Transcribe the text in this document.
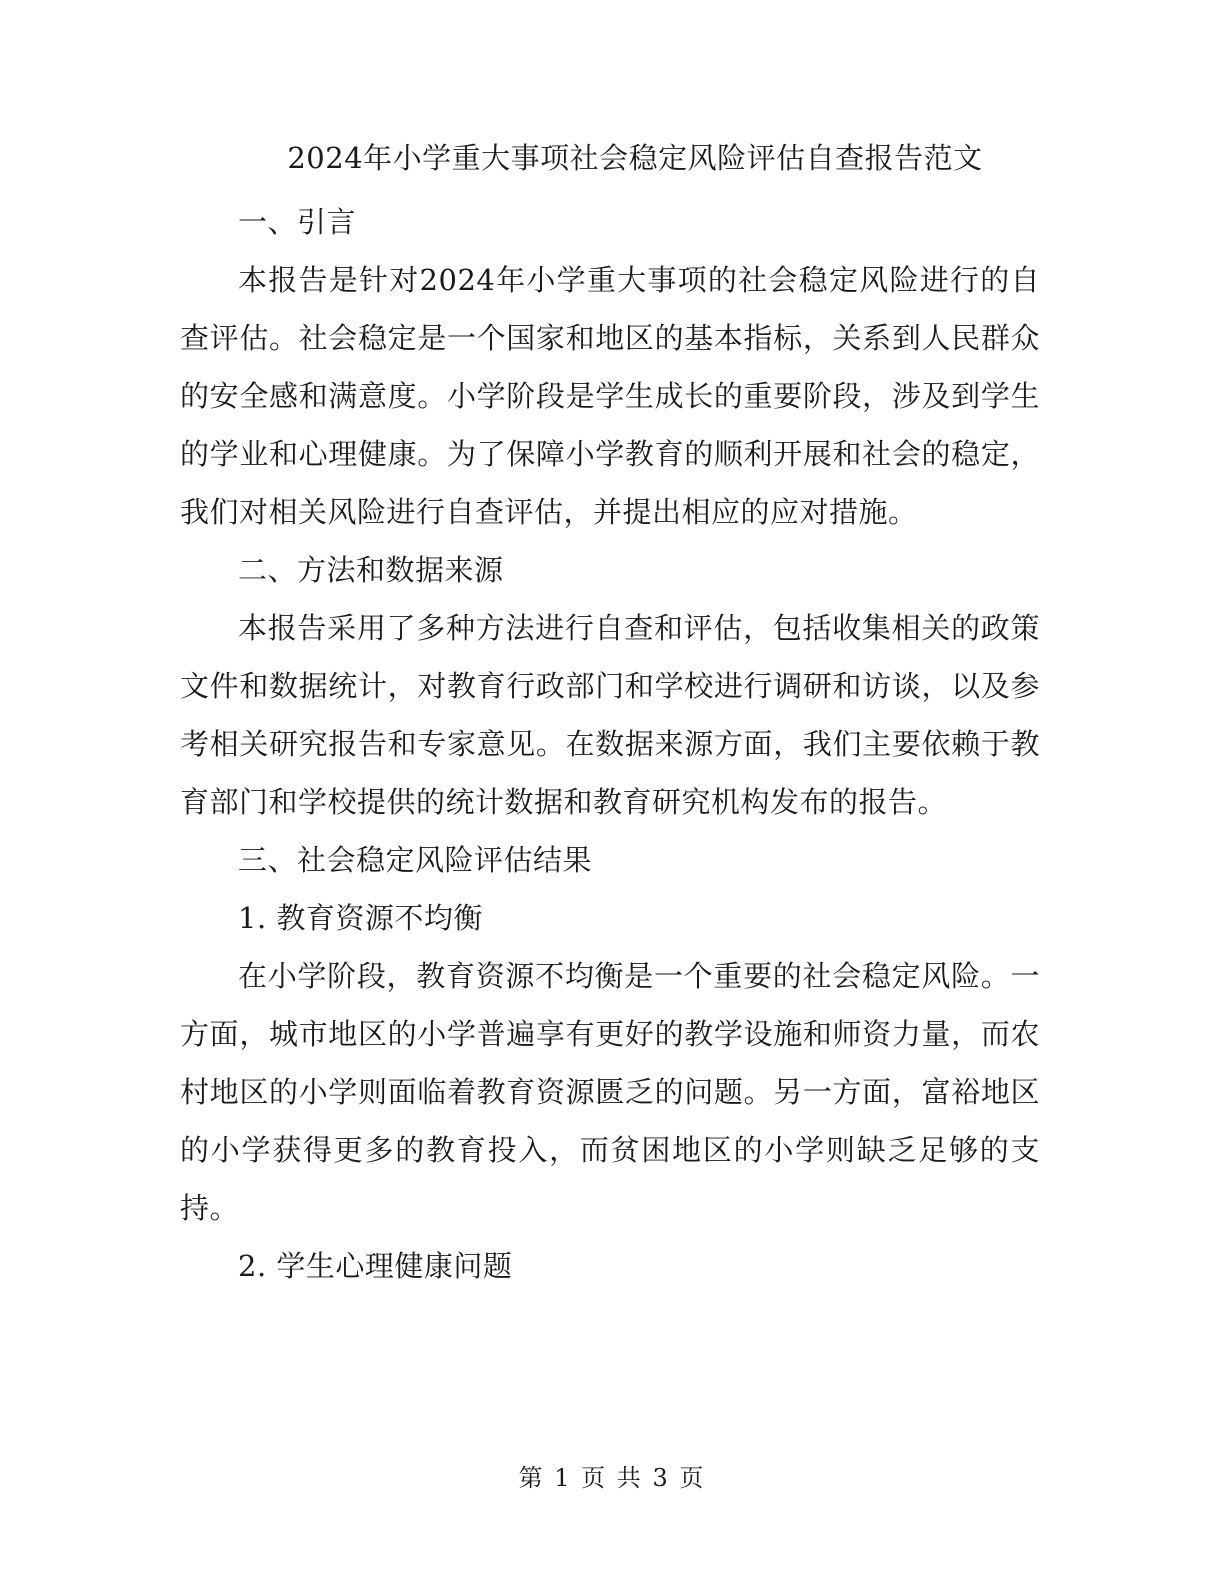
2024年小学重大事项社会稳定风险评估自查报告范文

一、引言

本报告是针对2024年小学重大事项的社会稳定风险进行的自查评估。社会稳定是一个国家和地区的基本指标，关系到人民群众的安全感和满意度。小学阶段是学生成长的重要阶段，涉及到学生的学业和心理健康。为了保障小学教育的顺利开展和社会的稳定，我们对相关风险进行自查评估，并提出相应的应对措施。

二、方法和数据来源

本报告采用了多种方法进行自查和评估，包括收集相关的政策文件和数据统计，对教育行政部门和学校进行调研和访谈，以及参考相关研究报告和专家意见。在数据来源方面，我们主要依赖于教育部门和学校提供的统计数据和教育研究机构发布的报告。

三、社会稳定风险评估结果

1. 教育资源不均衡

在小学阶段，教育资源不均衡是一个重要的社会稳定风险。一方面，城市地区的小学普遍享有更好的教学设施和师资力量，而农村地区的小学则面临着教育资源匮乏的问题。另一方面，富裕地区的小学获得更多的教育投入，而贫困地区的小学则缺乏足够的支持。

2. 学生心理健康问题

第 1 页 共 3 页
